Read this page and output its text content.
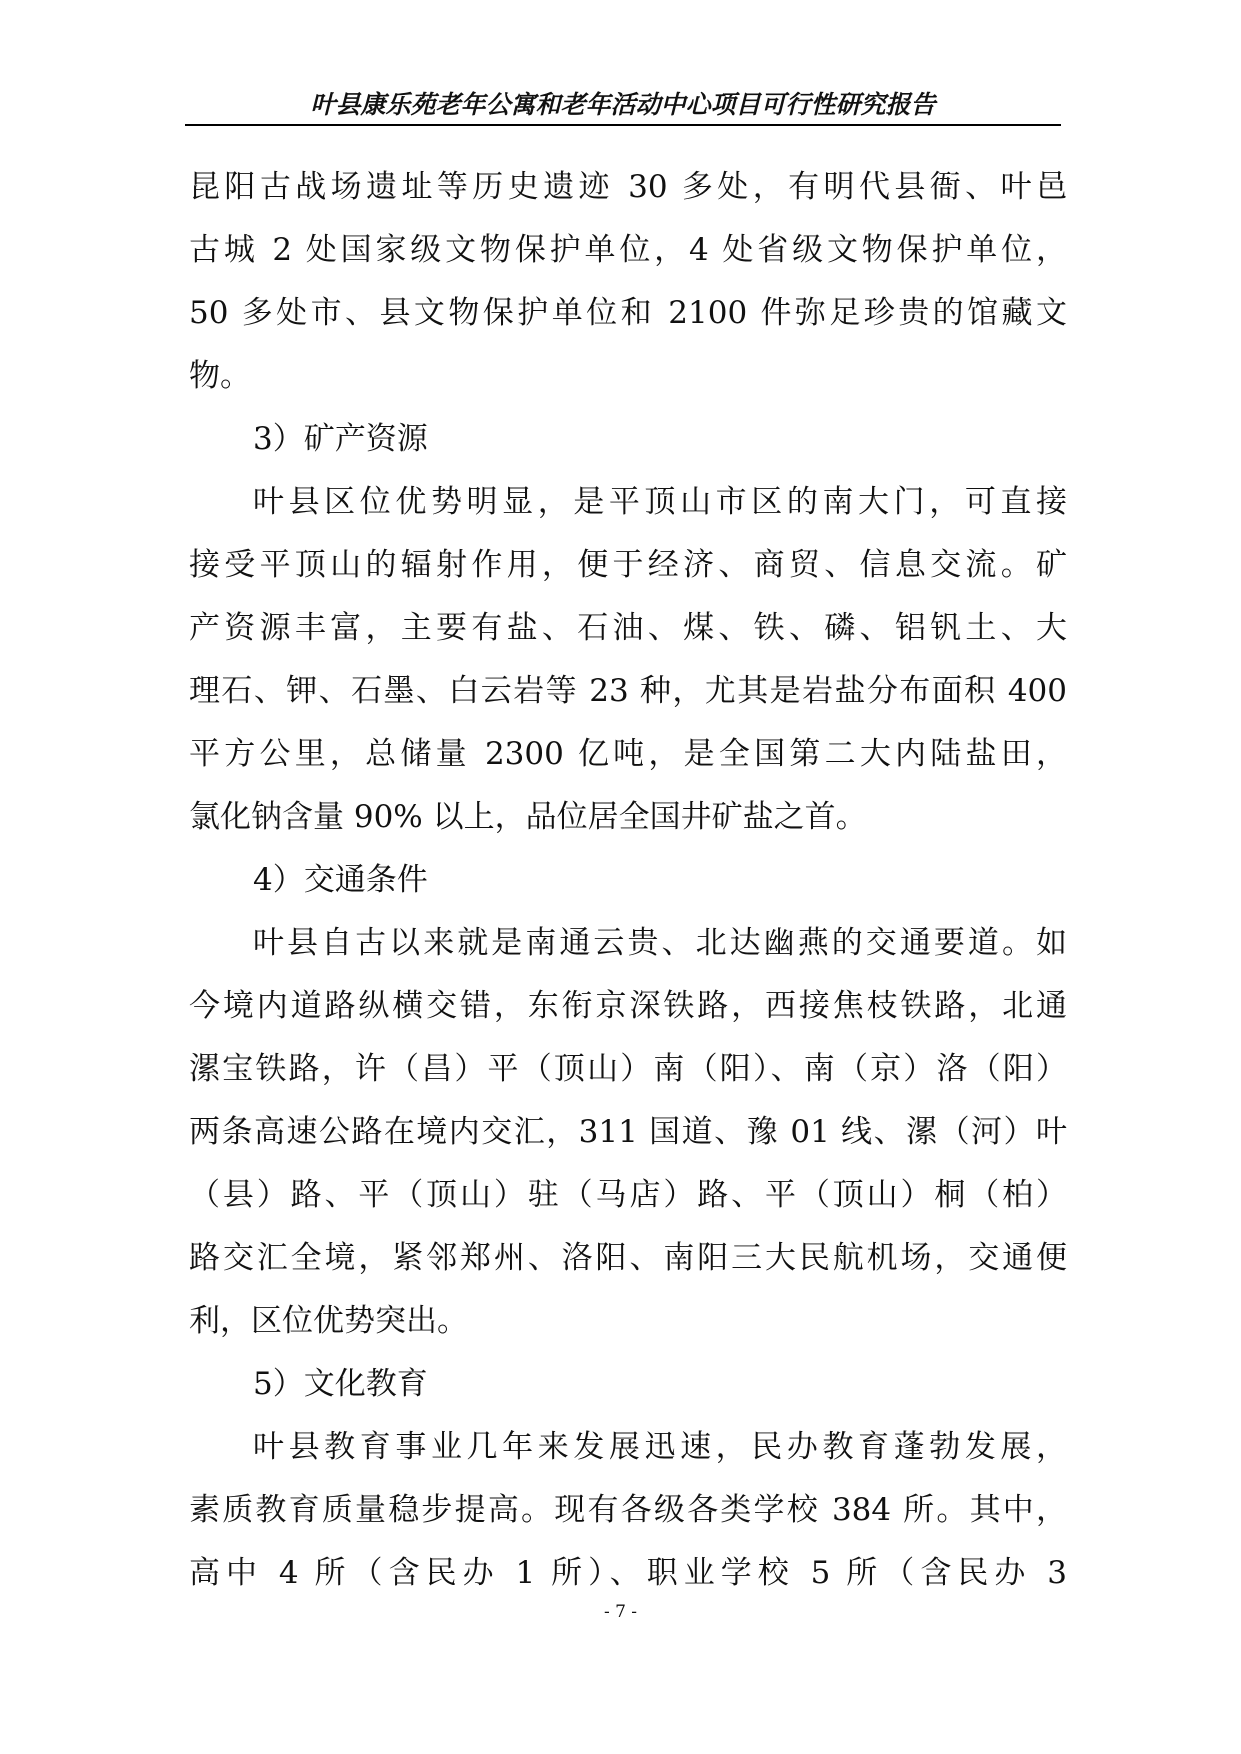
叶县康乐苑老年公寓和老年活动中心项目可行性研究报告
昆阳古战场遗址等历史遗迹 30 多处，有明代县衙、叶邑
古城 2 处国家级文物保护单位，4 处省级文物保护单位，
50 多处市、县文物保护单位和 2100 件弥足珍贵的馆藏文
物。
3）矿产资源
叶县区位优势明显，是平顶山市区的南大门，可直接
接受平顶山的辐射作用，便于经济、商贸、信息交流。矿
产资源丰富，主要有盐、石油、煤、铁、磷、铝钒土、大
理石、钾、石墨、白云岩等 23 种，尤其是岩盐分布面积 400
平方公里，总储量 2300 亿吨，是全国第二大内陆盐田，
氯化钠含量 90% 以上，品位居全国井矿盐之首。
4）交通条件
叶县自古以来就是南通云贵、北达幽燕的交通要道。如
今境内道路纵横交错，东衔京深铁路，西接焦枝铁路，北通
漯宝铁路，许（昌）平（顶山）南（阳）、南（京）洛（阳）
两条高速公路在境内交汇，311 国道、豫 01 线、漯（河）叶
（县）路、平（顶山）驻（马店）路、平（顶山）桐（柏）
路交汇全境，紧邻郑州、洛阳、南阳三大民航机场，交通便
利，区位优势突出。
5）文化教育
叶县教育事业几年来发展迅速，民办教育蓬勃发展，
素质教育质量稳步提高。现有各级各类学校 384 所。其中，
高中 4 所（含民办 1 所）、职业学校 5 所（含民办 3
- 7 -
